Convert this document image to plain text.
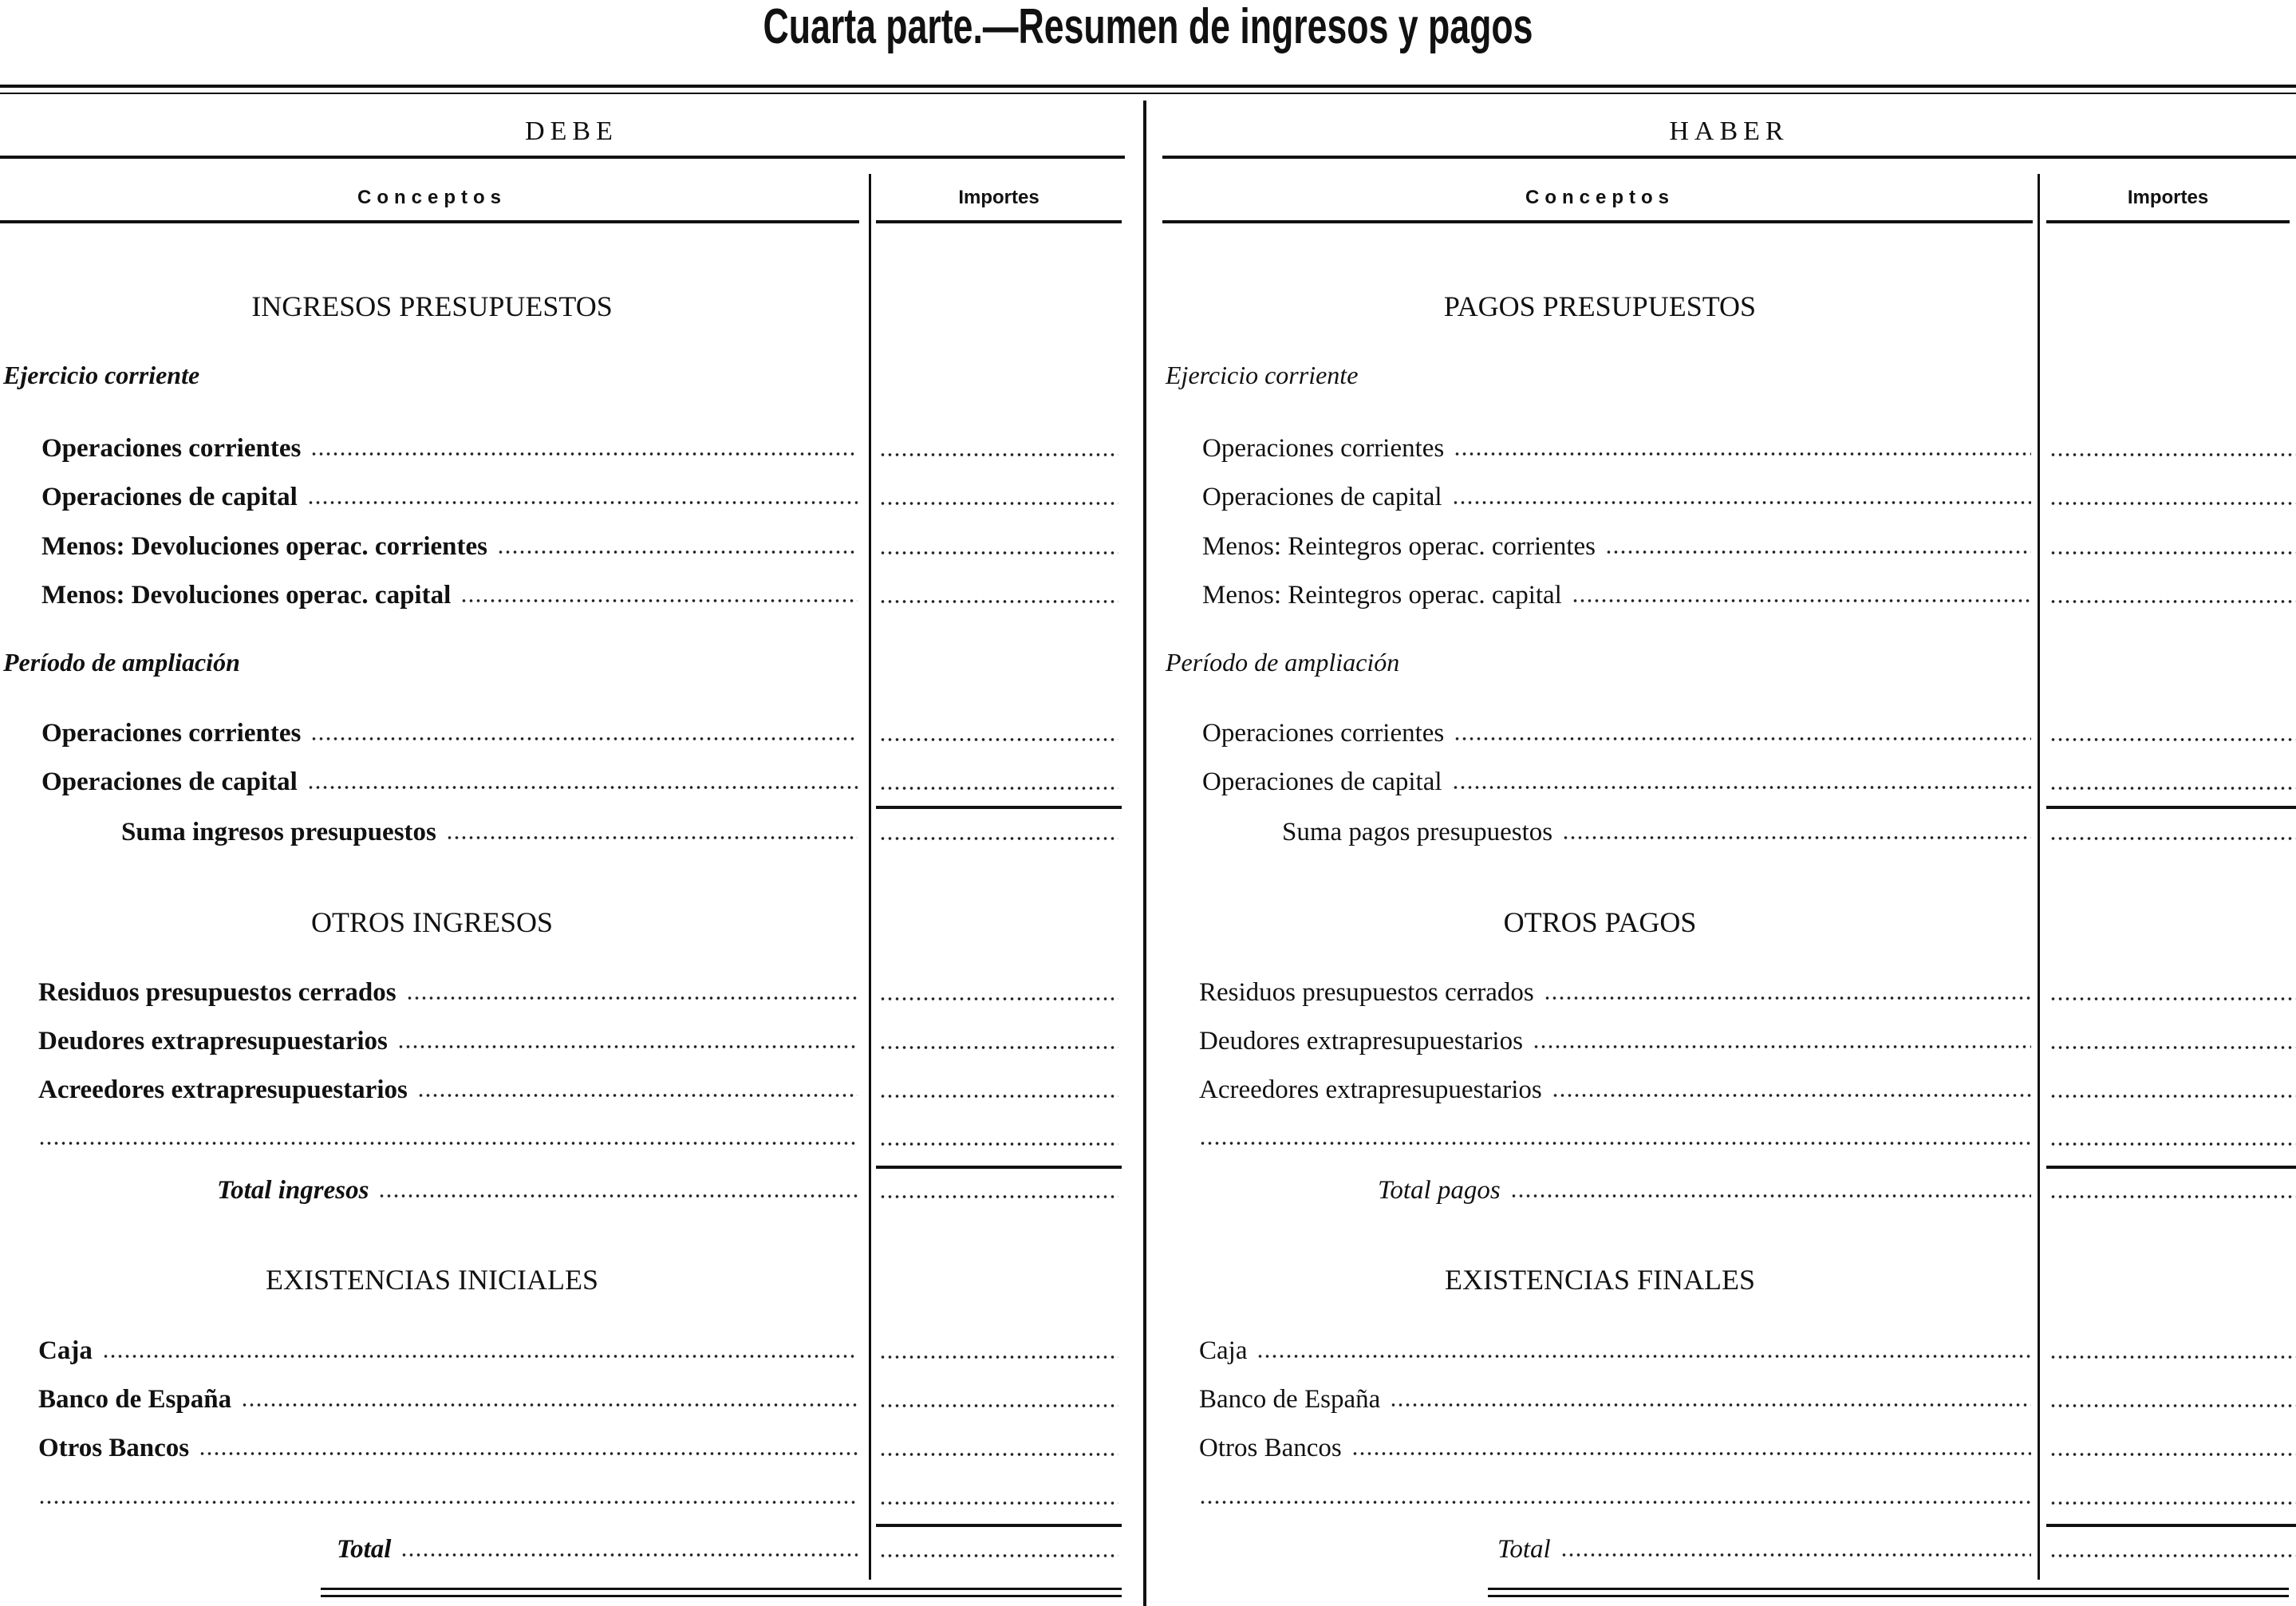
Cuarta parte.—Resumen de ingresos y pagos
DEBE
Conceptos	Importes
INGRESOS PRESUPUESTOS
Ejercicio corriente
Operaciones corrientes
Operaciones de capital
Menos: Devoluciones operac. corrientes
Menos: Devoluciones operac. capital
Período de ampliación
Operaciones corrientes
Operaciones de capital
Suma ingresos presupuestos
OTROS INGRESOS
Residuos presupuestos cerrados
Deudores extrapresupuestarios
Acreedores extrapresupuestarios
Total ingresos
EXISTENCIAS INICIALES
Caja
Banco de España
Otros Bancos
Total
HABER
Conceptos	Importes
PAGOS PRESUPUESTOS
Ejercicio corriente
Operaciones corrientes
Operaciones de capital
Menos: Reintegros operac. corrientes
Menos: Reintegros operac. capital
Período de ampliación
Operaciones corrientes
Operaciones de capital
Suma pagos presupuestos
OTROS PAGOS
Residuos presupuestos cerrados
Deudores extrapresupuestarios
Acreedores extrapresupuestarios
Total pagos
EXISTENCIAS FINALES
Caja
Banco de España
Otros Bancos
Total
